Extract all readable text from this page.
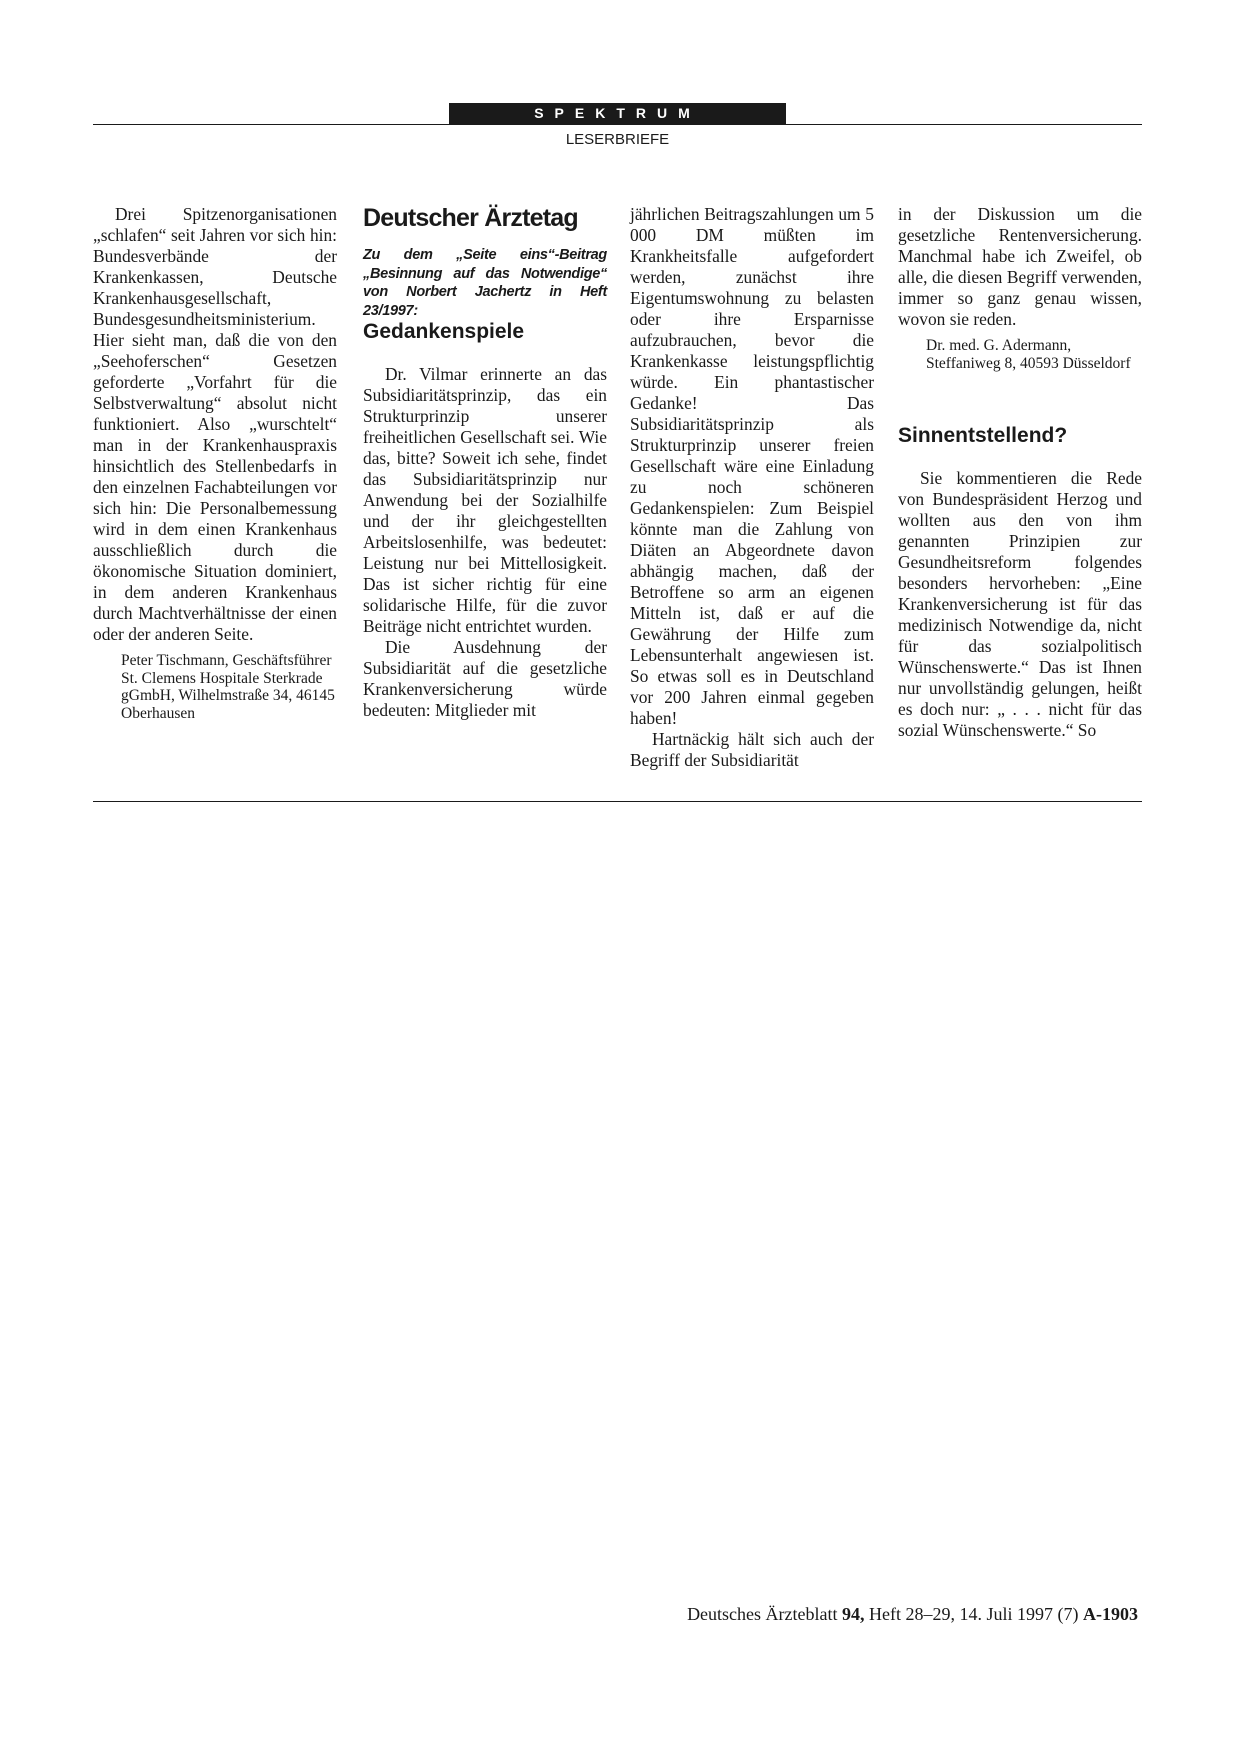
SPEKTRUM
LESERBRIEFE

Drei Spitzenorganisationen „schlafen“ seit Jahren vor sich hin: Bundesverbände der Krankenkassen, Deutsche Krankenhausgesellschaft, Bundesgesundheitsministerium. Hier sieht man, daß die von den „Seehoferschen“ Gesetzen geforderte „Vorfahrt für die Selbstverwaltung“ absolut nicht funktioniert. Also „wurschtelt“ man in der Krankenhauspraxis hinsichtlich des Stellenbedarfs in den einzelnen Fachabteilungen vor sich hin: Die Personalbemessung wird in dem einen Krankenhaus ausschließlich durch die ökonomische Situation dominiert, in dem anderen Krankenhaus durch Machtverhältnisse der einen oder der anderen Seite.

Peter Tischmann, Geschäftsführer St. Clemens Hospitale Sterkrade gGmbH, Wilhelmstraße 34, 46145 Oberhausen

Deutscher Ärztetag

Zu dem „Seite eins“-Beitrag „Besinnung auf das Notwendige“ von Norbert Jachertz in Heft 23/1997:

Gedankenspiele

Dr. Vilmar erinnerte an das Subsidiaritätsprinzip, das ein Strukturprinzip unserer freiheitlichen Gesellschaft sei. Wie das, bitte? Soweit ich sehe, findet das Subsidiaritätsprinzip nur Anwendung bei der Sozialhilfe und der ihr gleichgestellten Arbeitslosenhilfe, was bedeutet: Leistung nur bei Mittellosigkeit. Das ist sicher richtig für eine solidarische Hilfe, für die zuvor Beiträge nicht entrichtet wurden.

Die Ausdehnung der Subsidiarität auf die gesetzliche Krankenversicherung würde bedeuten: Mitglieder mit

jährlichen Beitragszahlungen um 5 000 DM müßten im Krankheitsfalle aufgefordert werden, zunächst ihre Eigentumswohnung zu belasten oder ihre Ersparnisse aufzubrauchen, bevor die Krankenkasse leistungspflichtig würde. Ein phantastischer Gedanke! Das Subsidiaritätsprinzip als Strukturprinzip unserer freien Gesellschaft wäre eine Einladung zu noch schöneren Gedankenspielen: Zum Beispiel könnte man die Zahlung von Diäten an Abgeordnete davon abhängig machen, daß der Betroffene so arm an eigenen Mitteln ist, daß er auf die Gewährung der Hilfe zum Lebensunterhalt angewiesen ist. So etwas soll es in Deutschland vor 200 Jahren einmal gegeben haben!

Hartnäckig hält sich auch der Begriff der Subsidiarität

in der Diskussion um die gesetzliche Rentenversicherung. Manchmal habe ich Zweifel, ob alle, die diesen Begriff verwenden, immer so ganz genau wissen, wovon sie reden.

Dr. med. G. Adermann, Steffaniweg 8, 40593 Düsseldorf

Sinnentstellend?

Sie kommentieren die Rede von Bundespräsident Herzog und wollten aus den von ihm genannten Prinzipien zur Gesundheitsreform folgendes besonders hervorheben: „Eine Krankenversicherung ist für das medizinisch Notwendige da, nicht für das sozialpolitisch Wünschenswerte.“ Das ist Ihnen nur unvollständig gelungen, heißt es doch nur: „ . . . nicht für das sozial Wünschenswerte.“ So

Deutsches Ärzteblatt 94, Heft 28–29, 14. Juli 1997 (7) A-1903
